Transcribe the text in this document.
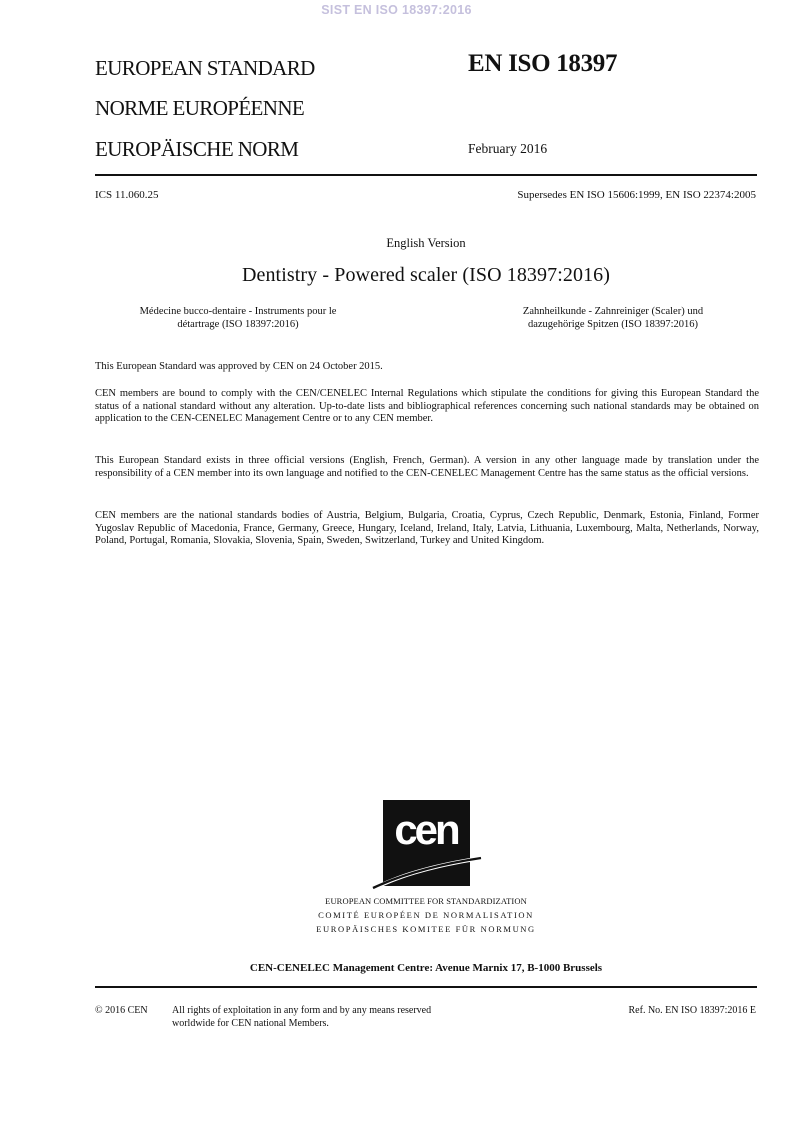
SIST EN ISO 18397:2016
EUROPEAN STANDARD
NORME EUROPÉENNE
EUROPÄISCHE NORM
EN ISO 18397
February 2016
ICS 11.060.25	Supersedes EN ISO 15606:1999, EN ISO 22374:2005
English Version
Dentistry - Powered scaler (ISO 18397:2016)
Médecine bucco-dentaire - Instruments pour le
détartrage (ISO 18397:2016)
Zahnheilkunde - Zahnreiniger (Scaler) und
dazugehörige Spitzen (ISO 18397:2016)
This European Standard was approved by CEN on 24 October 2015.
CEN members are bound to comply with the CEN/CENELEC Internal Regulations which stipulate the conditions for giving this European Standard the status of a national standard without any alteration. Up-to-date lists and bibliographical references concerning such national standards may be obtained on application to the CEN-CENELEC Management Centre or to any CEN member.
This European Standard exists in three official versions (English, French, German). A version in any other language made by translation under the responsibility of a CEN member into its own language and notified to the CEN-CENELEC Management Centre has the same status as the official versions.
CEN members are the national standards bodies of Austria, Belgium, Bulgaria, Croatia, Cyprus, Czech Republic, Denmark, Estonia, Finland, Former Yugoslav Republic of Macedonia, France, Germany, Greece, Hungary, Iceland, Ireland, Italy, Latvia, Lithuania, Luxembourg, Malta, Netherlands, Norway, Poland, Portugal, Romania, Slovakia, Slovenia, Spain, Sweden, Switzerland, Turkey and United Kingdom.
cen
EUROPEAN COMMITTEE FOR STANDARDIZATION
COMITÉ EUROPÉEN DE NORMALISATION
EUROPÄISCHES KOMITEE FÜR NORMUNG
CEN-CENELEC Management Centre: Avenue Marnix 17, B-1000 Brussels
© 2016 CEN All rights of exploitation in any form and by any means reserved
worldwide for CEN national Members.
Ref. No. EN ISO 18397:2016 E
